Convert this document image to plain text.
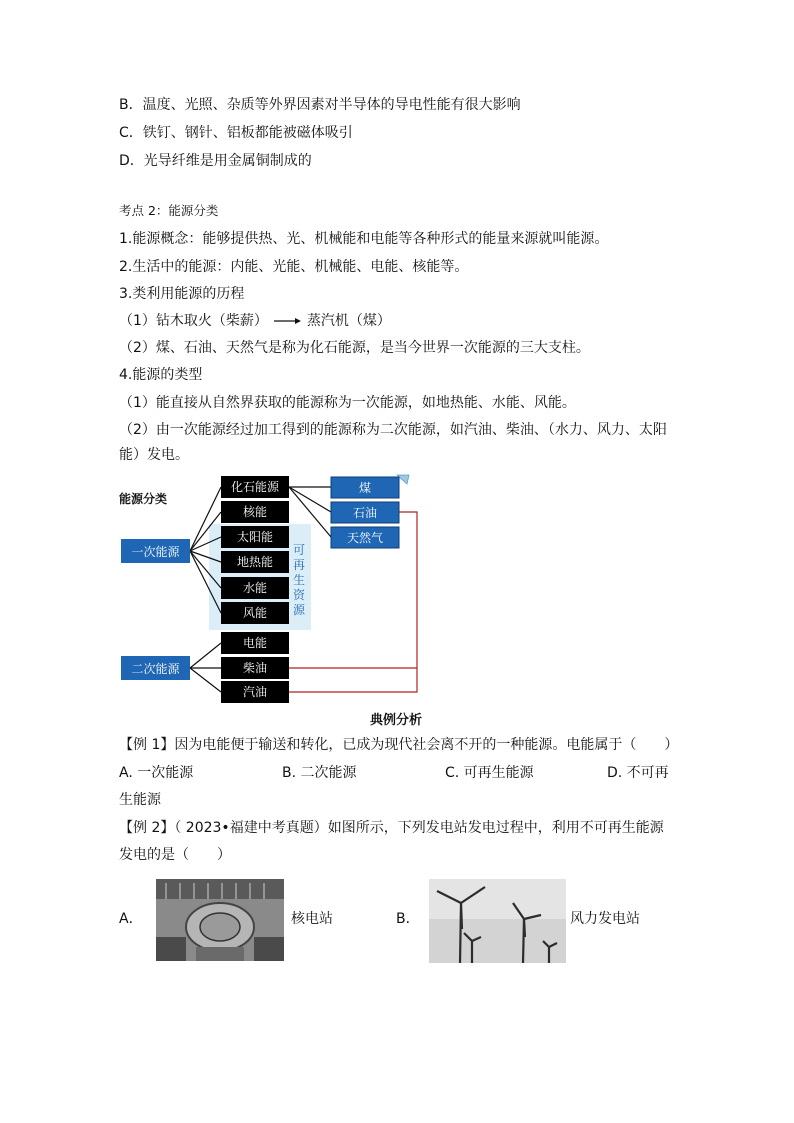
B．温度、光照、杂质等外界因素对半导体的导电性能有很大影响
C．铁钉、钢针、铝板都能被磁体吸引
D．光导纤维是用金属铜制成的
考点 2：能源分类
1.能源概念：能够提供热、光、机械能和电能等各种形式的能量来源就叫能源。
2.生活中的能源：内能、光能、机械能、电能、核能等。
3.类利用能源的历程
（1）钻木取火（柴薪）	蒸汽机（煤）
（2）煤、石油、天然气是称为化石能源，是当今世界一次能源的三大支柱。
4.能源的类型
（1）能直接从自然界获取的能源称为一次能源，如地热能、水能、风能。
（2）由一次能源经过加工得到的能源称为二次能源，如汽油、柴油、（水力、风力、太阳
能）发电。
能源分类
一次能源
二次能源
化石能源
核能
太阳能
地热能
水能
风能
可
再
生
资
源
煤
石油
天然气
电能
柴油
汽油
典例分析
【例 1】因为电能便于输送和转化，已成为现代社会离不开的一种能源。电能属于（　　）
A. 一次能源	B. 二次能源	C. 可再生能源	D. 不可再
生能源
【例 2】（ 2023•福建中考真题）如图所示，下列发电站发电过程中，利用不可再生能源
发电的是（　　）
A．	核电站	B．	风力发电站
